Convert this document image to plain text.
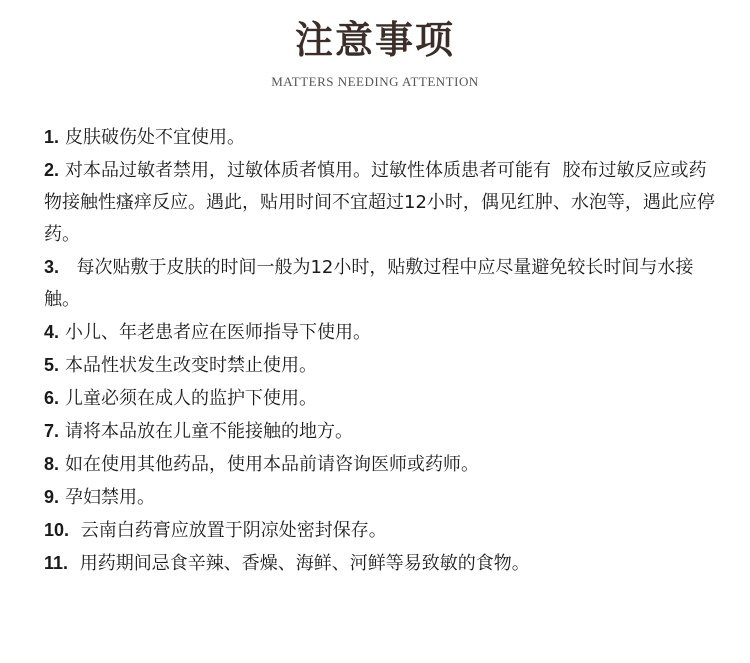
注意事项
MATTERS NEEDING ATTENTION
1. 皮肤破伤处不宜使用。
2. 对本品过敏者禁用，过敏体质者慎用。过敏性体质患者可能有  胶布过敏反应或药物接触性瘙痒反应。遇此，贴用时间不宜超过12小时，偶见红肿、水泡等，遇此应停药。
3.  每次贴敷于皮肤的时间一般为12小时，贴敷过程中应尽量避免较长时间与水接触。
4. 小儿、年老患者应在医师指导下使用。
5. 本品性状发生改变时禁止使用。
6. 儿童必须在成人的监护下使用。
7. 请将本品放在儿童不能接触的地方。
8. 如在使用其他药品，使用本品前请咨询医师或药师。
9. 孕妇禁用。
10. 云南白药膏应放置于阴凉处密封保存。
11. 用药期间忌食辛辣、香燥、海鲜、河鲜等易致敏的食物。
